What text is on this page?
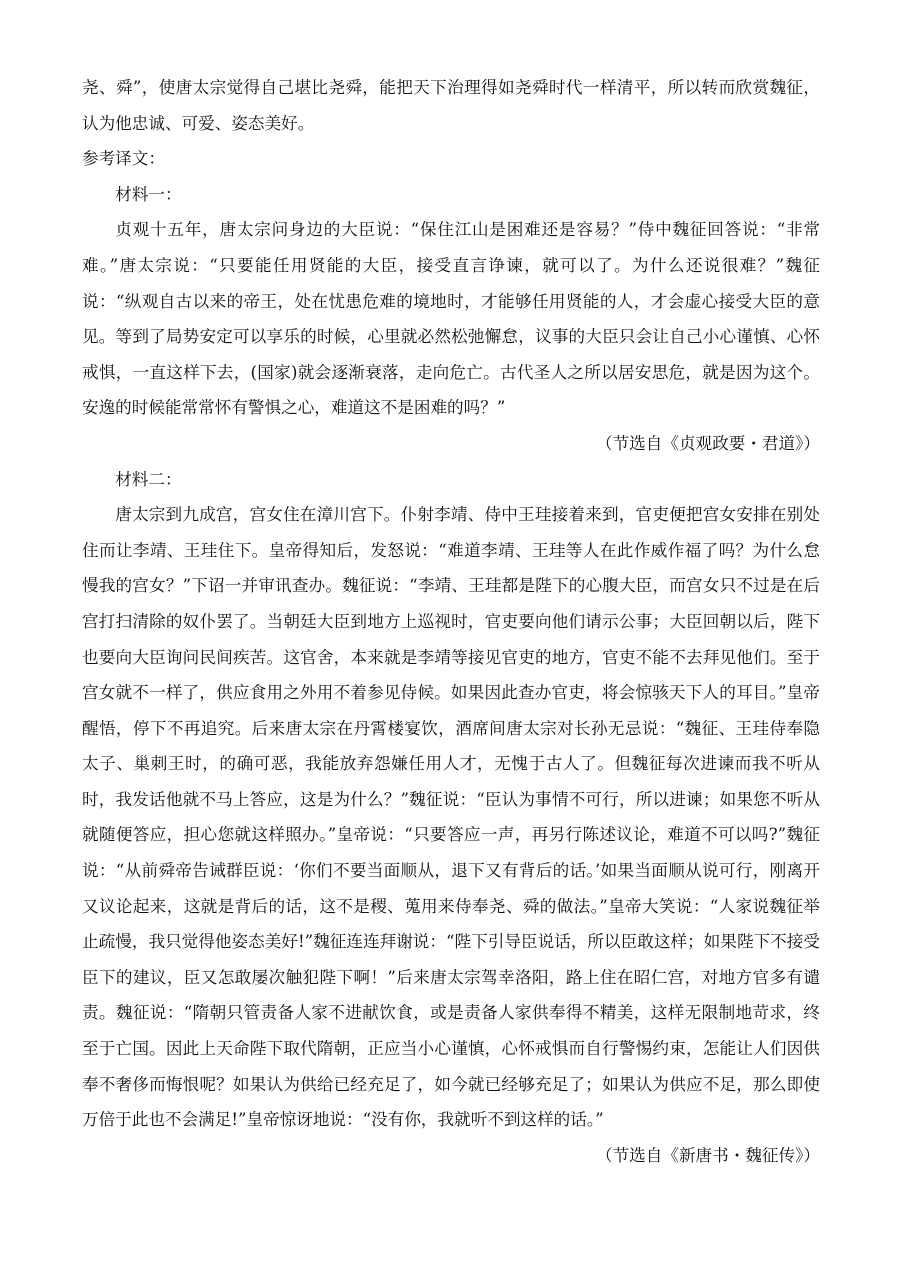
尧、舜”，使唐太宗觉得自己堪比尧舜，能把天下治理得如尧舜时代一样清平，所以转而欣赏魏征，认为他忠诚、可爱、姿态美好。

参考译文：

材料一：

贞观十五年，唐太宗问身边的大臣说：“保住江山是困难还是容易？”侍中魏征回答说：“非常难。”唐太宗说：“只要能任用贤能的大臣，接受直言诤谏，就可以了。为什么还说很难？”魏征说：“纵观自古以来的帝王，处在忧患危难的境地时，才能够任用贤能的人，才会虚心接受大臣的意见。等到了局势安定可以享乐的时候，心里就必然松弛懈怠，议事的大臣只会让自己小心谨慎、心怀戒惧，一直这样下去，(国家)就会逐渐衰落，走向危亡。古代圣人之所以居安思危，就是因为这个。安逸的时候能常常怀有警惧之心，难道这不是困难的吗？”

（节选自《贞观政要・君道》）

材料二：

唐太宗到九成宫，宫女住在漳川宫下。仆射李靖、侍中王珪接着来到，官吏便把宫女安排在别处住而让李靖、王珪住下。皇帝得知后，发怒说：“难道李靖、王珪等人在此作威作福了吗？为什么怠慢我的宫女？”下诏一并审讯查办。魏征说：“李靖、王珪都是陛下的心腹大臣，而宫女只不过是在后宫打扫清除的奴仆罢了。当朝廷大臣到地方上巡视时，官吏要向他们请示公事；大臣回朝以后，陛下也要向大臣询问民间疾苦。这官舍，本来就是李靖等接见官吏的地方，官吏不能不去拜见他们。至于宫女就不一样了，供应食用之外用不着参见侍候。如果因此查办官吏，将会惊骇天下人的耳目。”皇帝醒悟，停下不再追究。后来唐太宗在丹霄楼宴饮，酒席间唐太宗对长孙无忌说：“魏征、王珪侍奉隐太子、巢刺王时，的确可恶，我能放弃怨嫌任用人才，无愧于古人了。但魏征每次进谏而我不听从时，我发话他就不马上答应，这是为什么？”魏征说：“臣认为事情不可行，所以进谏；如果您不听从就随便答应，担心您就这样照办。”皇帝说：“只要答应一声，再另行陈述议论，难道不可以吗?”魏征说：“从前舜帝告诫群臣说：‘你们不要当面顺从，退下又有背后的话。’如果当面顺从说可行，刚离开又议论起来，这就是背后的话，这不是稷、蒐用来侍奉尧、舜的做法。”皇帝大笑说：“人家说魏征举止疏慢，我只觉得他姿态美好!”魏征连连拜谢说：“陛下引导臣说话，所以臣敢这样；如果陛下不接受臣下的建议，臣又怎敢屡次触犯陛下啊！”后来唐太宗驾幸洛阳，路上住在昭仁宫，对地方官多有谴责。魏征说：“隋朝只管责备人家不进献饮食，或是责备人家供奉得不精美，这样无限制地苛求，终至于亡国。因此上天命陛下取代隋朝，正应当小心谨慎，心怀戒惧而自行警惕约束，怎能让人们因供奉不奢侈而悔恨呢？如果认为供给已经充足了，如今就已经够充足了；如果认为供应不足，那么即使万倍于此也不会满足!”皇帝惊讶地说：“没有你，我就听不到这样的话。”

（节选自《新唐书・魏征传》）
